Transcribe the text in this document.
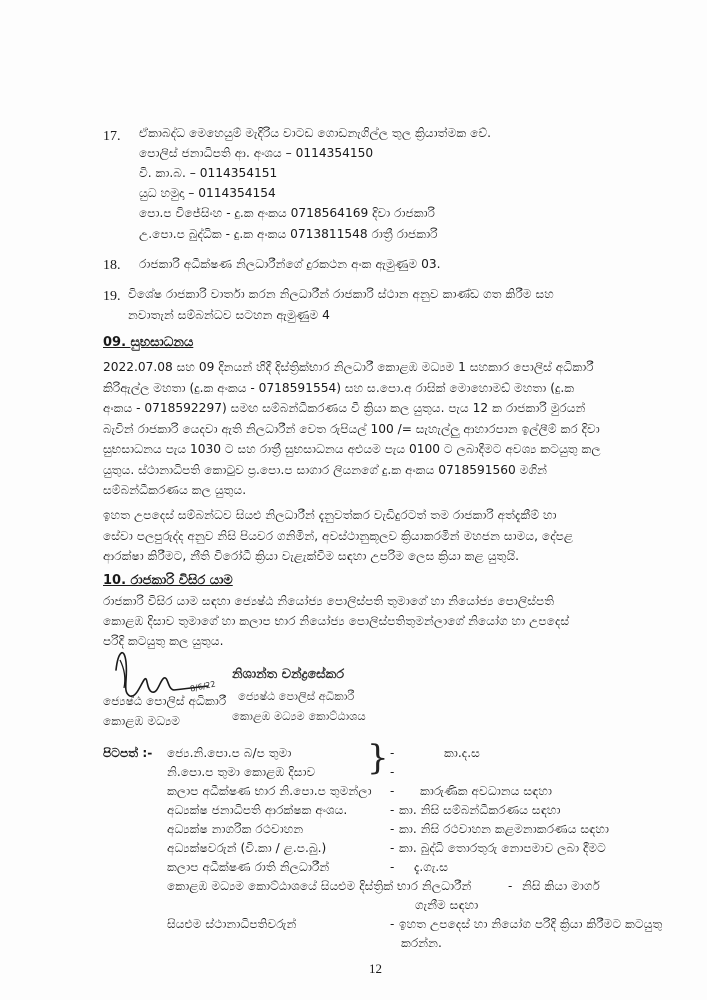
17. ඒකාබද්ධ මෙහෙයුම් මැදිරිය වාටඩ ගොඩනැගිල්ල තුල ක්‍රියාත්මක වේ.
පොලිස් ජනාධිපති ආ. අංශය – 0114354150
වි. කා.බ. – 0114354151
යුධ හමුදා – 0114354154
පො.ප විජේසිංහ - දු.ක අංකය 0718564169 දිවා රාජකාරි
උ.පො.ප බුද්ධික - දු.ක අංකය 0713811548 රාත්‍රී රාජකාරි
18. රාජකාරි අධීක්ෂණ නිලධාරීන්ගේ දුරකථන අංක ඇමුණුම 03.
19. විශේෂ රාජකාරි වාර්තා කරන නිලධාරීන් රාජකාරි ස්ථාන අනුව කාණ්ඩ ගත කිරීම සහ
නවාතැන් සම්බන්ධව සටහන ඇමුණුම 4
09. සුභසාධනය
2022.07.08 සහ 09 දිනයන් හිදී දිස්ත්‍රික්භාර නිලධාරී කොළඹ මධ්‍යම 1 සහකාර පොලිස් අධිකාරී
කිරිඇල්ල මහතා (දු.ක අංකය - 0718591554) සහ ස.පො.අ රාසික් මොහොමඩ් මහතා (දු.ක
අංකය - 0718592297) සමඟ සම්බන්ධීකරණය වී ක්‍රියා කල යුතුය. පැය 12 ක රාජකාරි මුරයන්
බැවින් රාජකාරි යෙදවා ඇති නිලධාරීන් වෙත රුපියල් 100 /= සැහැල්ලු ආහාරපාන ඉල්ලීම් කර දිවා
සුභසාධනය පැය 1030 ට සහ රාත්‍රී සුභසාධනය අළුයම පැය 0100 ට ලබාදීමට අවශ්‍ය කටයුතු කල
යුතුය. ස්ථානාධිපති කොටුව ප්‍ර.පො.ප සාගාර ලියනගේ දු.ක අංකය 0718591560 මගින්
සම්බන්ධීකරණය කල යුතුය.
ඉහත උපදෙස් සම්බන්ධව සියළු නිලධාරීන් දැනුවත්කර වැඩිදුරටත් තම රාජකාරි අත්දැකීම් හා
සේවා පලපුරුද්ද අනුව නිසි පියවර ගනිමින්, අවස්ථානුකූලව ක්‍රියාකරමින් මහජන සාමය, දේපළ
ආරක්ෂා කිරීමට, නීති විරෝධී ක්‍රියා වැළැක්වීම සඳහා උපරිම ලෙස ක්‍රියා කළ යුතුයි.
10. රාජකාරි විසිර යාම
රාජකාරි විසිර යාම සඳහා ජ්‍යෙෂ්ඨ නියෝජ්‍ය පොලිස්පති තුමාගේ හා නියෝජ්‍ය පොලිස්පති
කොළඹ දිසාව තුමාගේ හා කලාප භාර නියෝජ්‍ය පොලිස්පතිතුමන්ලාගේ නියෝග හා උපදෙස්
පරිදි කටයුතු කල යුතුය.
8/6/22
නිශාන්ත චන්ද්‍රසේකර
ජ්‍යෙෂ්ඨ පොලිස් අධිකාරී
කොළඹ මධ්‍යම කොට්ඨාශය
ජ්‍යෙෂ්ඨ පොලිස් අධිකාරී
කොළඹ මධ්‍යම
පිටපත් :-	}
ජ්‍යෙ.නි.පො.ප බ/ප තුමා	-	කා.ද.ස
නි.පො.ප තුමා කොළඹ දිසාව	-
කලාප අධීක්ෂණ භාර නි.පො.ප තුමන්ලා - කාරුණික අවධානය සඳහා
අධ්‍යක්ෂ ජනාධිපති ආරක්ෂක අංශය.	- කා. නිසි සම්බන්ධීකරණය සඳහා
අධ්‍යක්ෂ නාගරික රථවාහන	- කා. නිසි රථවාහන කළමනාකරණය සඳහා
අධ්‍යක්ෂවරුන් (වි.කා / ළ.ප.බු.)	- කා. බුද්ධි තොරතුරු නොපමාව ලබා දීමට
කලාප අධීක්ෂණ රාති නිලධාරීන්	- දැ.ගැ.ස
කොළඹ මධ්‍යම කොට්ඨාශයේ සියළුම දිස්ත්‍රික් භාර නිලධාරීන්	- නිසි කියා මාර්ග
ගැනීම සඳහා
සියළුම ස්ථානාධිපතිවරුන්	- ඉහත උපදෙස් හා නියෝග පරිදි ක්‍රියා කිරීමට කටයුතු
කරන්න.
12
